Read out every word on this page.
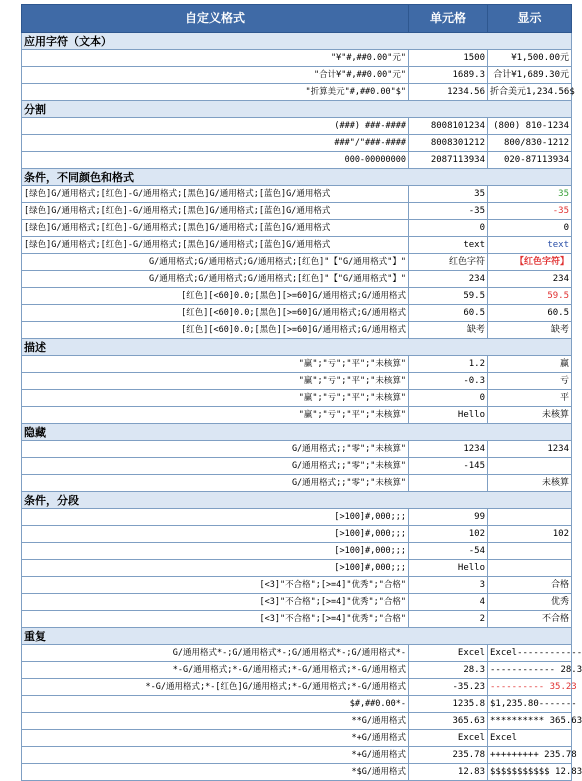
自定义格式	单元格	显示
应用字符（文本）		
"¥"#,##0.00"元"	1500	¥1,500.00元
"合计¥"#,##0.00"元"	1689.3	合计¥1,689.30元
"折算美元"#,##0.00"$"	1234.56	折合美元1,234.56$
分割		
(###) ###-####	8008101234	(800) 810-1234
###"/"###-####	8008301212	800/830-1212
000-00000000	2087113934	020-87113934
条件，不同颜色和格式		
[绿色]G/通用格式;[红色]-G/通用格式;[黑色]G/通用格式;[蓝色]G/通用格式	35	35
[绿色]G/通用格式;[红色]-G/通用格式;[黑色]G/通用格式;[蓝色]G/通用格式	-35	-35
[绿色]G/通用格式;[红色]-G/通用格式;[黑色]G/通用格式;[蓝色]G/通用格式	0	0
[绿色]G/通用格式;[红色]-G/通用格式;[黑色]G/通用格式;[蓝色]G/通用格式	text	text
G/通用格式;G/通用格式;G/通用格式;[红色]"【"G/通用格式"】"	红色字符	【红色字符】
G/通用格式;G/通用格式;G/通用格式;[红色]"【"G/通用格式"】"	234	234
[红色][<60]0.0;[黑色][>=60]G/通用格式;G/通用格式	59.5	59.5
[红色][<60]0.0;[黑色][>=60]G/通用格式;G/通用格式	60.5	60.5
[红色][<60]0.0;[黑色][>=60]G/通用格式;G/通用格式	缺考	缺考
描述		
"赢";"亏";"平";"未核算"	1.2	赢
"赢";"亏";"平";"未核算"	-0.3	亏
"赢";"亏";"平";"未核算"	0	平
"赢";"亏";"平";"未核算"	Hello	未核算
隐藏		
G/通用格式;;"零";"未核算"	1234	1234
G/通用格式;;"零";"未核算"	-145	
G/通用格式;;"零";"未核算"		未核算
条件，分段		
[>100]#,000;;;	99	
[>100]#,000;;;	102	102
[>100]#,000;;;	-54	
[>100]#,000;;;	Hello	
[<3]"不合格";[>=4]"优秀";"合格"	3	合格
[<3]"不合格";[>=4]"优秀";"合格"	4	优秀
[<3]"不合格";[>=4]"优秀";"合格"	2	不合格
重复		
G/通用格式*-;G/通用格式*-;G/通用格式*-;G/通用格式*-	Excel	Excel------------
*-G/通用格式;*-G/通用格式;*-G/通用格式;*-G/通用格式	28.3	------------ 28.3
*-G/通用格式;*-[红色]G/通用格式;*-G/通用格式;*-G/通用格式	-35.23	---------- 35.23
$#,##0.00*-	1235.8	$1,235.80-------
**G/通用格式	365.63	********** 365.63
*+G/通用格式	Excel	Excel
*+G/通用格式	235.78	+++++++++ 235.78
*$G/通用格式	12.83	$$$$$$$$$$$ 12.83
